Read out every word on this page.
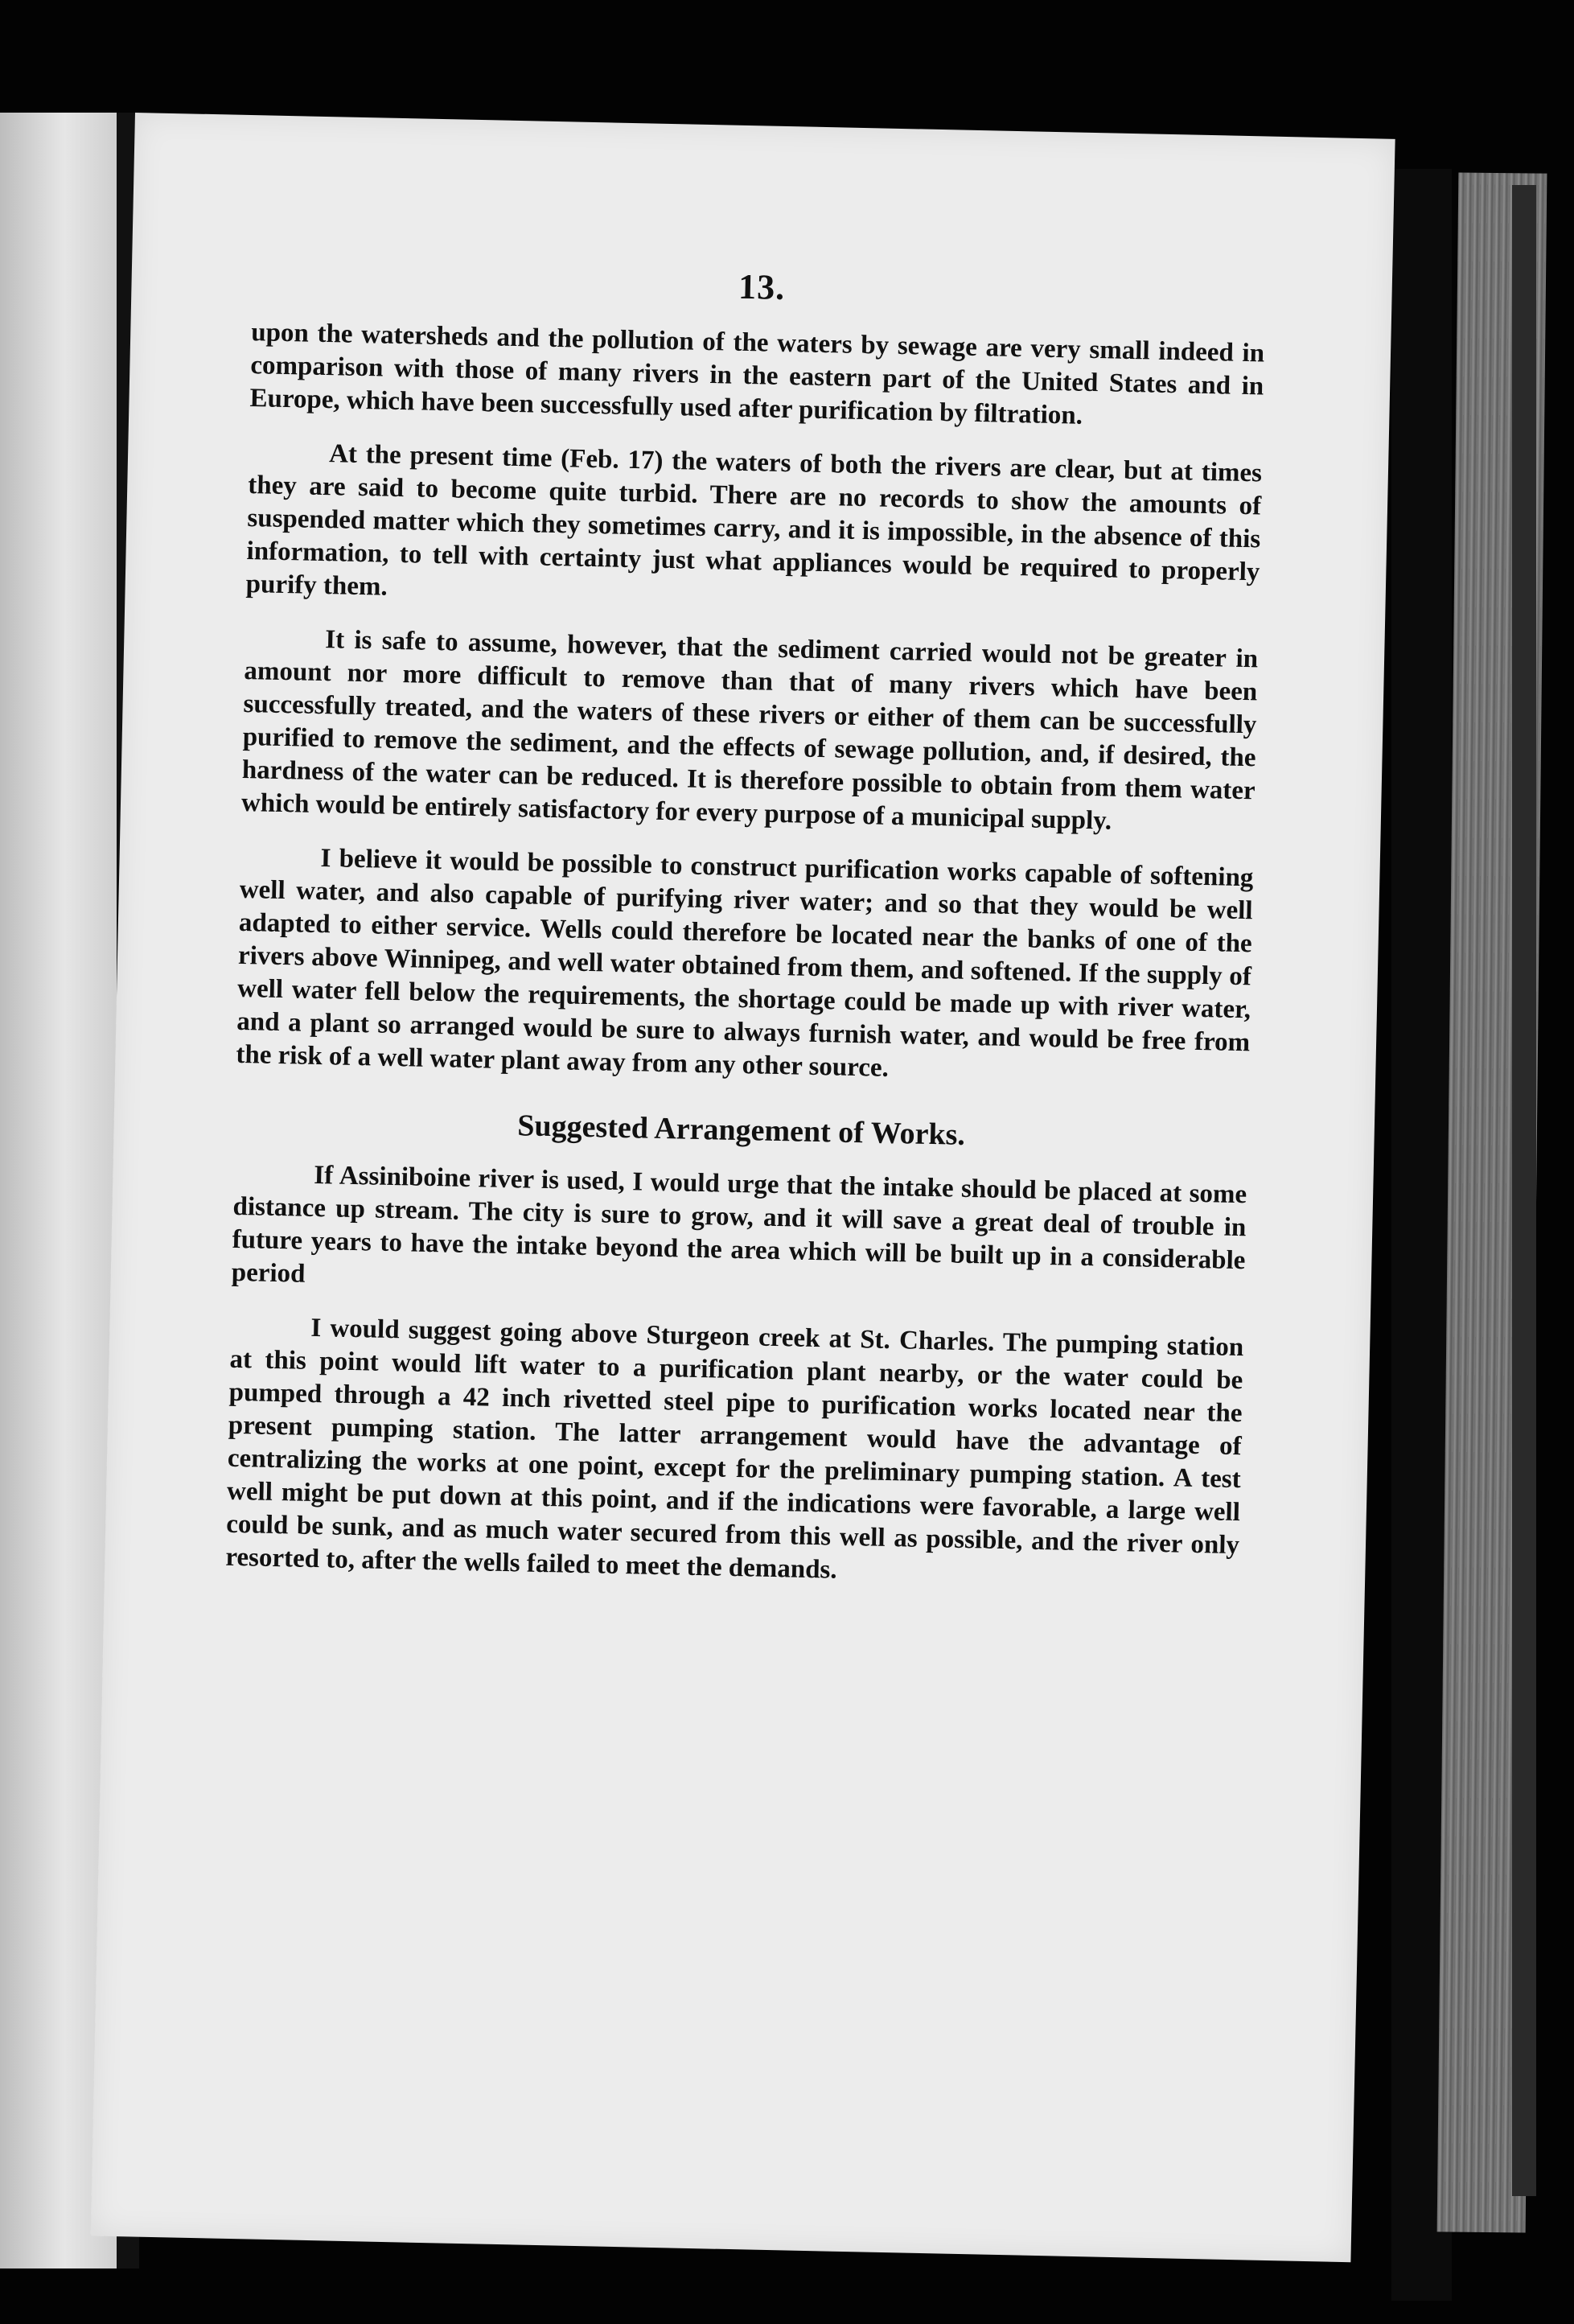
13.

upon the watersheds and the pollution of the waters by sewage are very small indeed in comparison with those of many rivers in the eastern part of the United States and in Europe, which have been successfully used after purification by filtration.

At the present time (Feb. 17) the waters of both the rivers are clear, but at times they are said to become quite turbid. There are no records to show the amounts of suspended matter which they sometimes carry, and it is impossible, in the absence of this information, to tell with certainty just what appliances would be required to properly purify them.

It is safe to assume, however, that the sediment carried would not be greater in amount nor more difficult to remove than that of many rivers which have been successfully treated, and the waters of these rivers or either of them can be successfully purified to remove the sediment, and the effects of sewage pollution, and, if desired, the hardness of the water can be reduced. It is therefore possible to obtain from them water which would be entirely satisfactory for every purpose of a municipal supply.

I believe it would be possible to construct purification works capable of softening well water, and also capable of purifying river water; and so that they would be well adapted to either service. Wells could therefore be located near the banks of one of the rivers above Winnipeg, and well water obtained from them, and softened. If the supply of well water fell below the requirements, the shortage could be made up with river water, and a plant so arranged would be sure to always furnish water, and would be free from the risk of a well water plant away from any other source.

Suggested Arrangement of Works.

If Assiniboine river is used, I would urge that the intake should be placed at some distance up stream. The city is sure to grow, and it will save a great deal of trouble in future years to have the intake beyond the area which will be built up in a considerable period

I would suggest going above Sturgeon creek at St. Charles. The pumping station at this point would lift water to a purification plant nearby, or the water could be pumped through a 42 inch rivetted steel pipe to purification works located near the present pumping station. The latter arrangement would have the advantage of centralizing the works at one point, except for the preliminary pumping station. A test well might be put down at this point, and if the indications were favorable, a large well could be sunk, and as much water secured from this well as possible, and the river only resorted to, after the wells failed to meet the demands.
